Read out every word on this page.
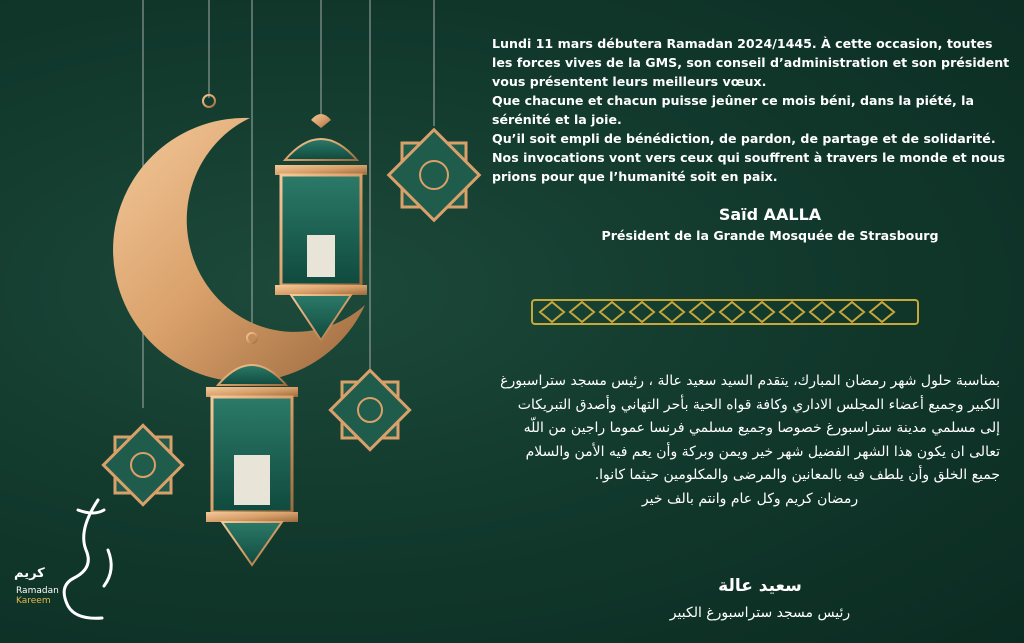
Lundi 11 mars débutera Ramadan 2024/1445. À cette occasion, toutes les forces vives de la GMS, son conseil d’administration et son président vous présentent leurs meilleurs vœux.

Que chacune et chacun puisse jeûner ce mois béni, dans la piété, la sérénité et la joie.

Qu’il soit empli de bénédiction, de pardon, de partage et de solidarité.

Nos invocations vont vers ceux qui souffrent à travers le monde et nous prions pour que l’humanité soit en paix.

Saïd AALLA
Président de la Grande Mosquée de Strasbourg

بمناسبة حلول شهر رمضان المبارك، يتقدم السيد سعيد عالة ، رئيس مسجد ستراسبورغ الكبير وجميع أعضاء المجلس الاداري وكافة قواه الحية بأحر التهاني وأصدق التبريكات إلى مسلمي مدينة ستراسبورغ خصوصا وجميع مسلمي فرنسا عموما راجين من اللّه تعالى ان يكون هذا الشهر الفضيل شهر خير ويمن وبركة وأن يعم فيه الأمن والسلام جميع الخلق وأن يلطف فيه بالمعانين والمرضى والمكلومين حيثما كانوا.

رمضان كريم وكل عام وانتم بالف خير

سعيد عالة
رئيس مسجد ستراسبورغ الكبير
كريم
Ramadan
Kareem
